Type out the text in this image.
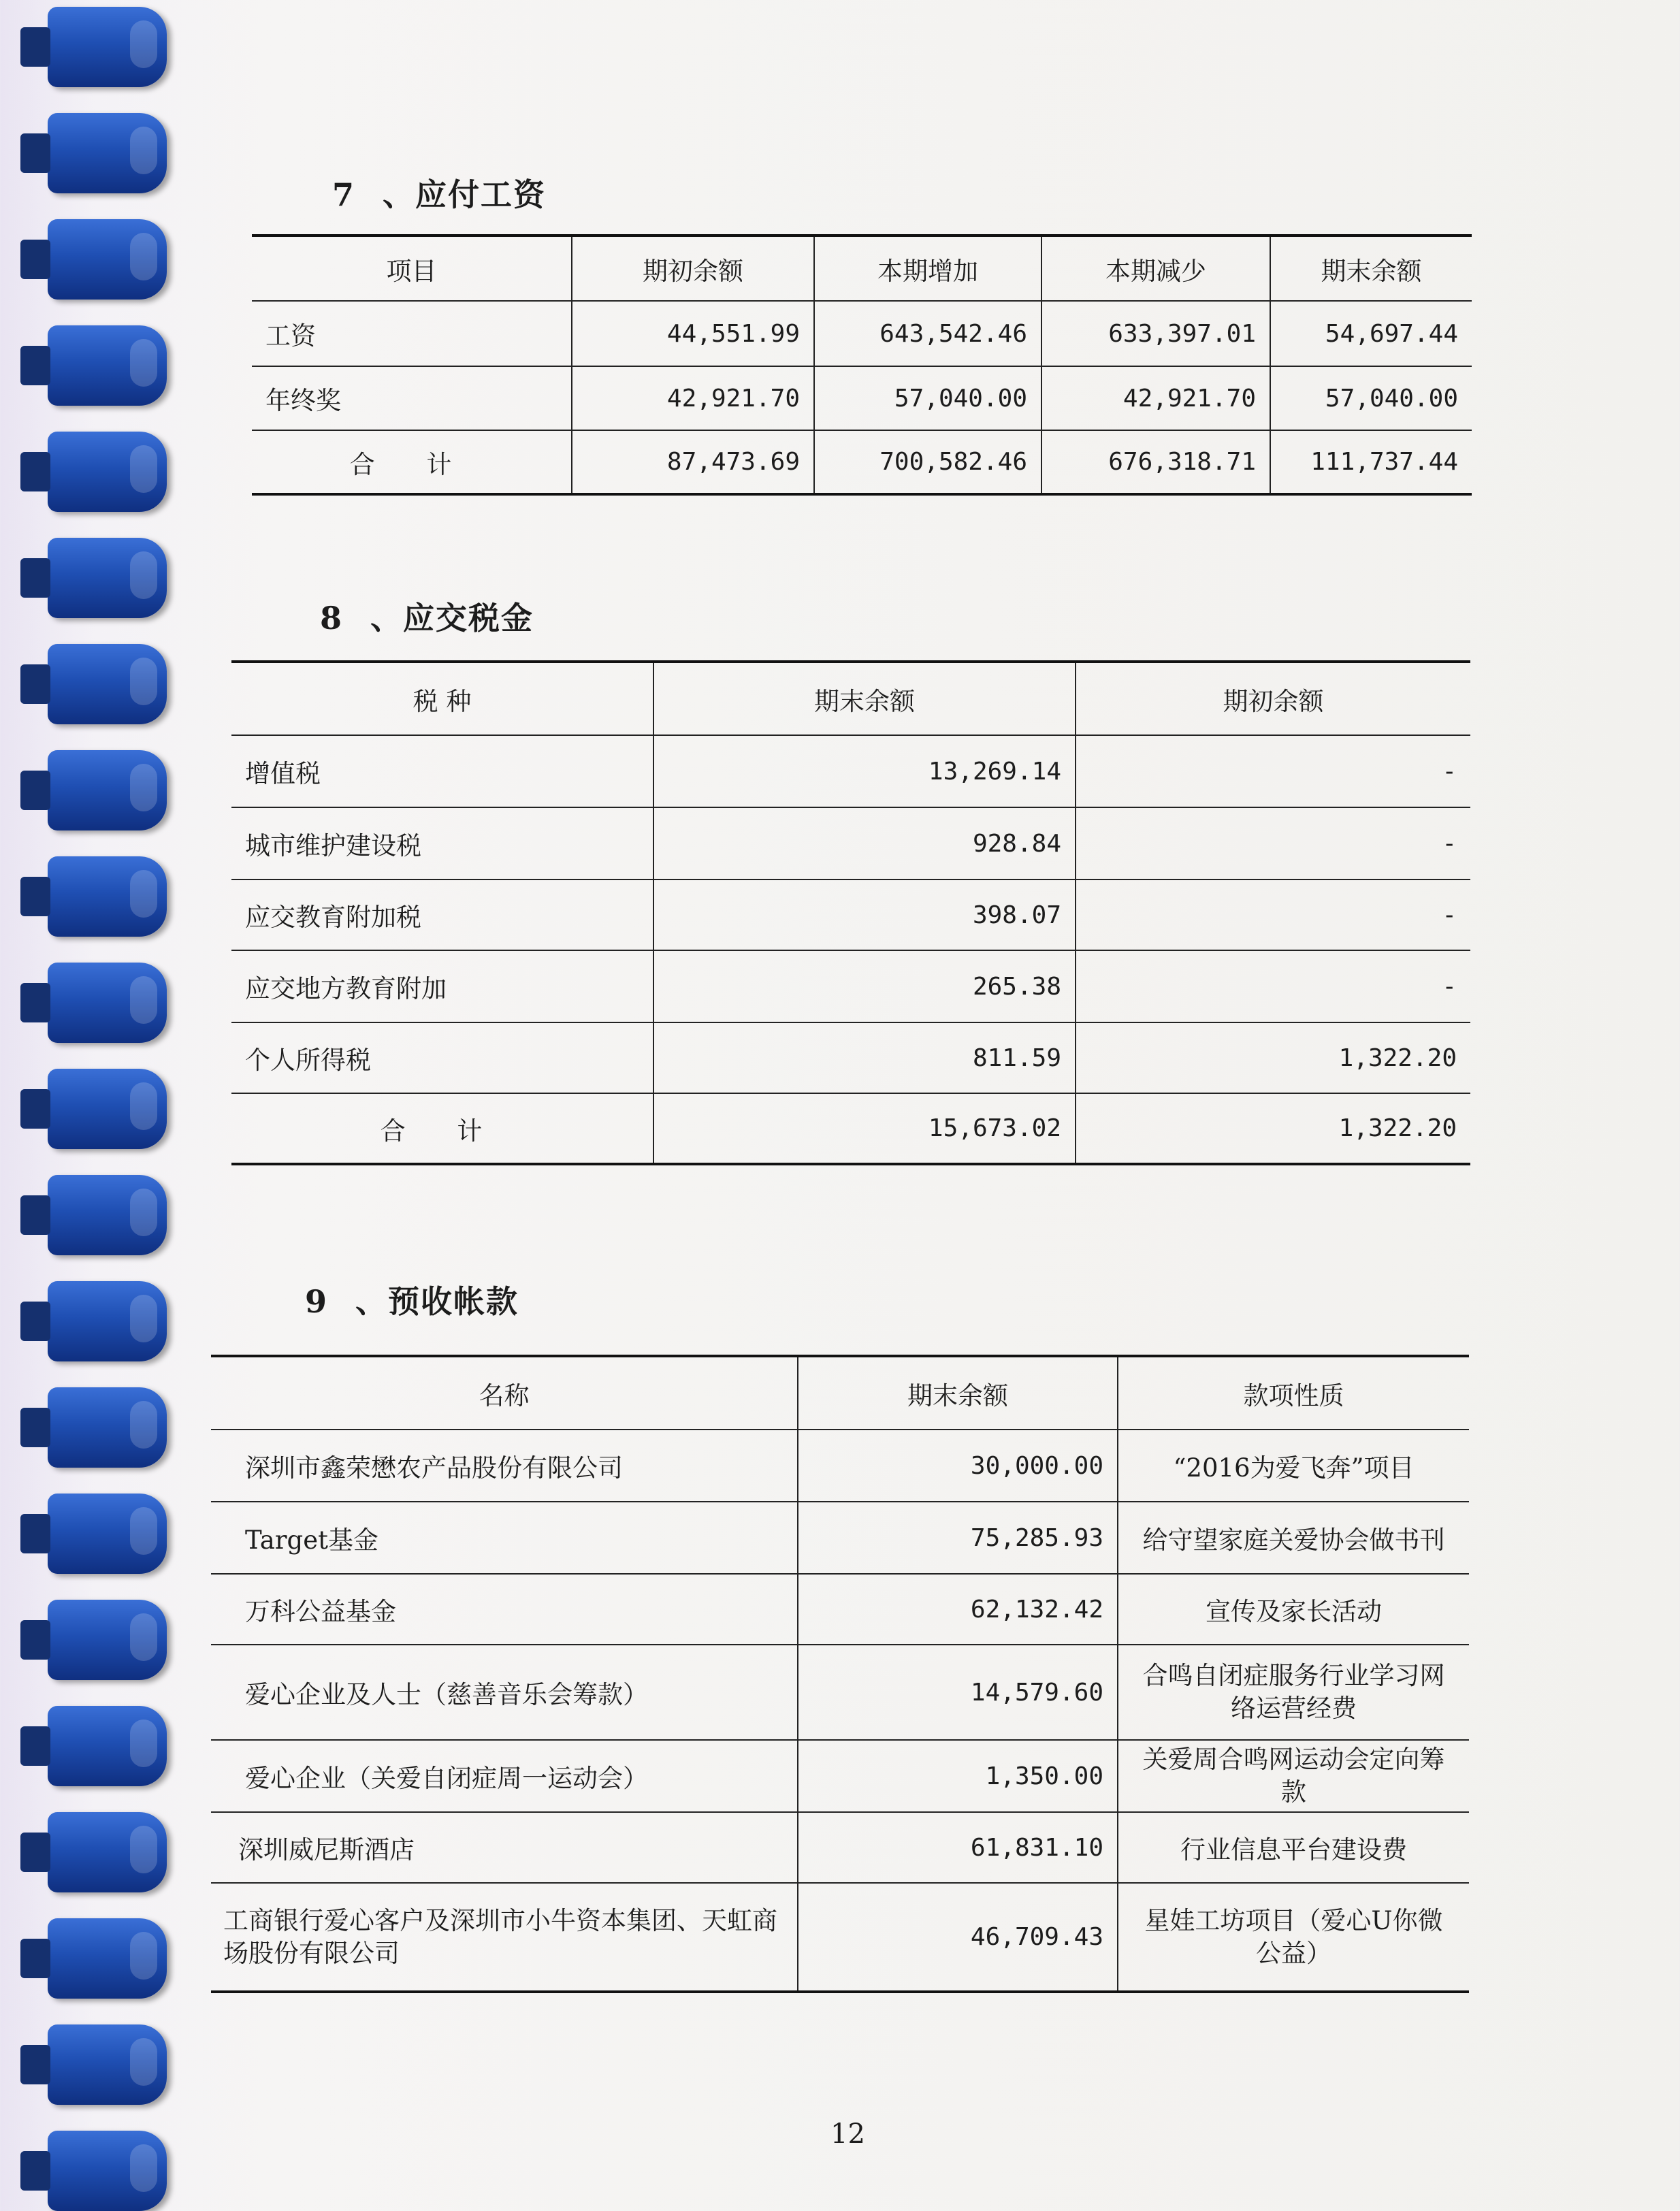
7 、应付工资
项目	期初余额	本期增加	本期减少	期末余额
工资	44,551.99	643,542.46	633,397.01	54,697.44
年终奖	42,921.70	57,040.00	42,921.70	57,040.00
合 计	87,473.69	700,582.46	676,318.71	111,737.44
8 、应交税金
税 种	期末余额	期初余额
增值税	13,269.14	-
城市维护建设税	928.84	-
应交教育附加税	398.07	-
应交地方教育附加	265.38	-
个人所得税	811.59	1,322.20
合 计	15,673.02	1,322.20
9 、预收帐款
名称	期末余额	款项性质
深圳市鑫荣懋农产品股份有限公司	30,000.00	“2016为爱飞奔”项目
Target基金	75,285.93	给守望家庭关爱协会做书刊
万科公益基金	62,132.42	宣传及家长活动
爱心企业及人士（慈善音乐会筹款）	14,579.60	合鸣自闭症服务行业学习网络运营经费
爱心企业（关爱自闭症周一运动会）	1,350.00	关爱周合鸣网运动会定向筹款
深圳威尼斯酒店	61,831.10	行业信息平台建设费
工商银行爱心客户及深圳市小牛资本集团、天虹商场股份有限公司	46,709.43	星娃工坊项目（爱心U你微公益）
12
